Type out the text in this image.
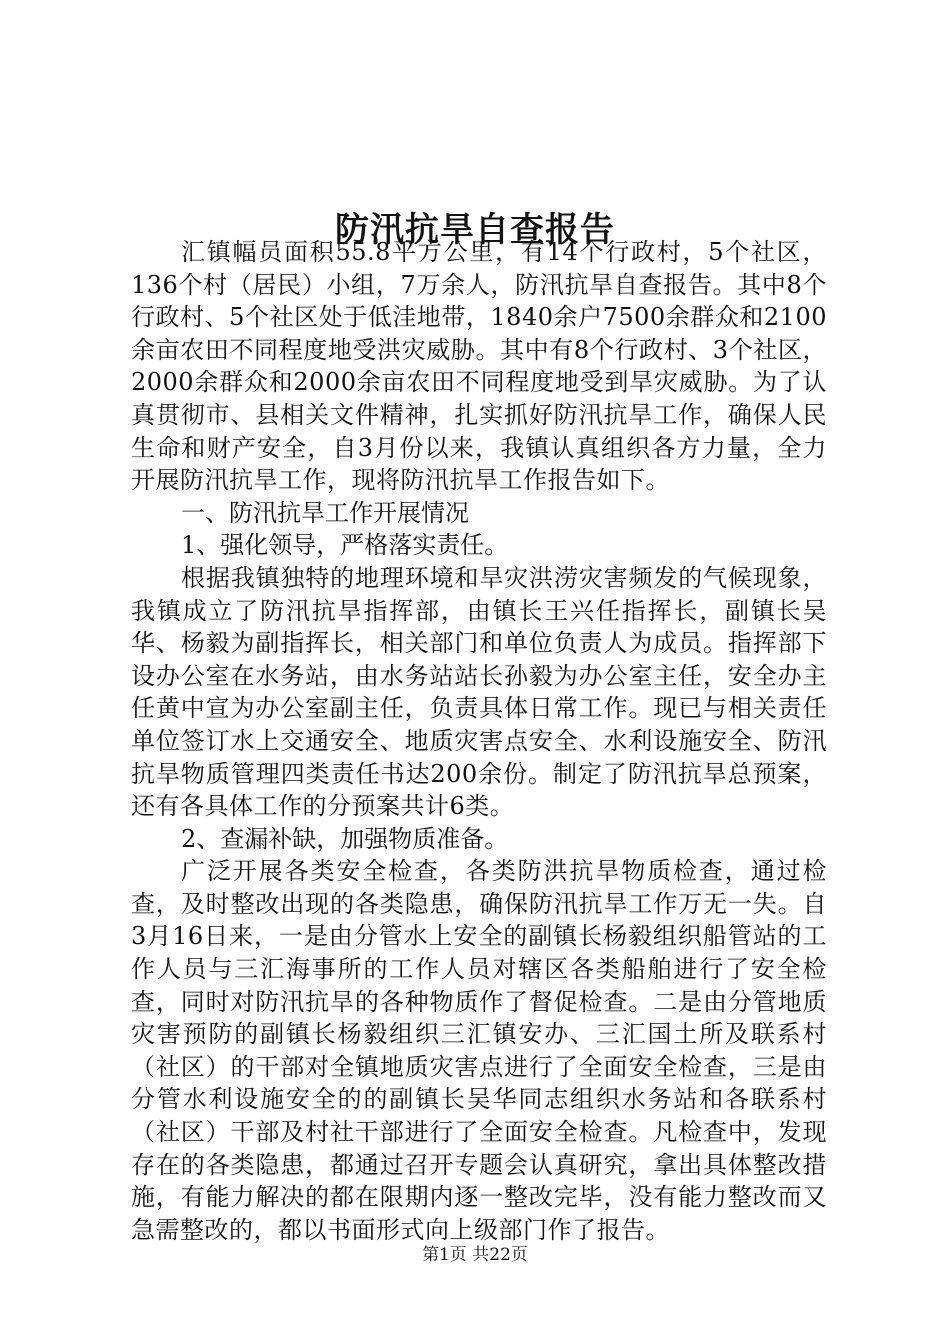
防汛抗旱自查报告

汇镇幅员面积55.8平方公里，有14个行政村，5个社区，136个村（居民）小组，7万余人，防汛抗旱自查报告。其中8个行政村、5个社区处于低洼地带，1840余户7500余群众和2100余亩农田不同程度地受洪灾威胁。其中有8个行政村、3个社区，2000余群众和2000余亩农田不同程度地受到旱灾威胁。为了认真贯彻市、县相关文件精神，扎实抓好防汛抗旱工作，确保人民生命和财产安全，自3月份以来，我镇认真组织各方力量，全力开展防汛抗旱工作，现将防汛抗旱工作报告如下。

一、防汛抗旱工作开展情况

1、强化领导，严格落实责任。

根据我镇独特的地理环境和旱灾洪涝灾害频发的气候现象，我镇成立了防汛抗旱指挥部，由镇长王兴任指挥长，副镇长吴华、杨毅为副指挥长，相关部门和单位负责人为成员。指挥部下设办公室在水务站，由水务站站长孙毅为办公室主任，安全办主任黄中宣为办公室副主任，负责具体日常工作。现已与相关责任单位签订水上交通安全、地质灾害点安全、水利设施安全、防汛抗旱物质管理四类责任书达200余份。制定了防汛抗旱总预案，还有各具体工作的分预案共计6类。

2、查漏补缺，加强物质准备。

广泛开展各类安全检查，各类防洪抗旱物质检查，通过检查，及时整改出现的各类隐患，确保防汛抗旱工作万无一失。自3月16日来，一是由分管水上安全的副镇长杨毅组织船管站的工作人员与三汇海事所的工作人员对辖区各类船舶进行了安全检查，同时对防汛抗旱的各种物质作了督促检查。二是由分管地质灾害预防的副镇长杨毅组织三汇镇安办、三汇国土所及联系村（社区）的干部对全镇地质灾害点进行了全面安全检查，三是由分管水利设施安全的的副镇长吴华同志组织水务站和各联系村（社区）干部及村社干部进行了全面安全检查。凡检查中，发现存在的各类隐患，都通过召开专题会认真研究，拿出具体整改措施，有能力解决的都在限期内逐一整改完毕，没有能力整改而又急需整改的，都以书面形式向上级部门作了报告。

第1页 共22页
